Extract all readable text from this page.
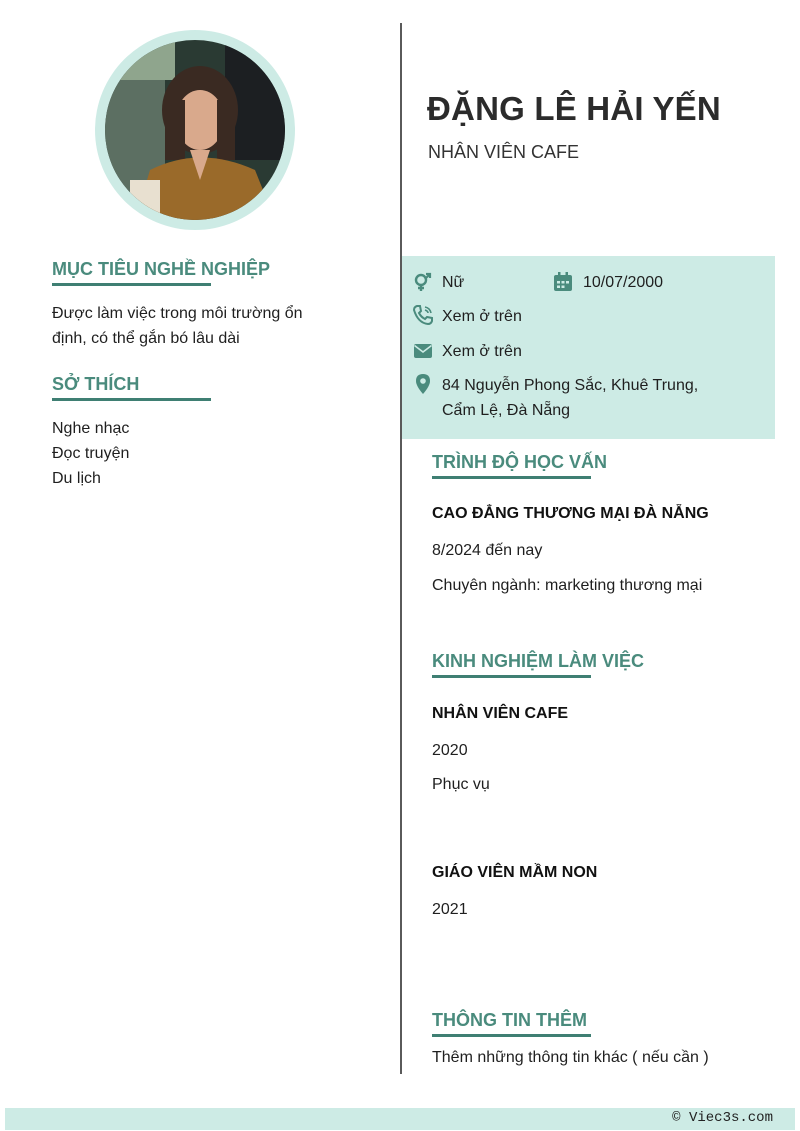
MỤC TIÊU NGHỀ NGHIỆP
Được làm việc trong môi trường ổn
định, có thể gắn bó lâu dài
SỞ THÍCH
Nghe nhạc
Đọc truyện
Du lịch
ĐẶNG LÊ HẢI YẾN
NHÂN VIÊN CAFE
Nữ	10/07/2000
Xem ở trên
Xem ở trên
84 Nguyễn Phong Sắc, Khuê Trung,
Cẩm Lệ, Đà Nẵng
TRÌNH ĐỘ HỌC VẤN
CAO ĐẲNG THƯƠNG MẠI ĐÀ NẴNG
8/2024 đến nay
Chuyên ngành: marketing thương mại
KINH NGHIỆM LÀM VIỆC
NHÂN VIÊN CAFE
2020
Phục vụ
GIÁO VIÊN MẦM NON
2021
THÔNG TIN THÊM
Thêm những thông tin khác ( nếu cần )
© Viec3s.com
